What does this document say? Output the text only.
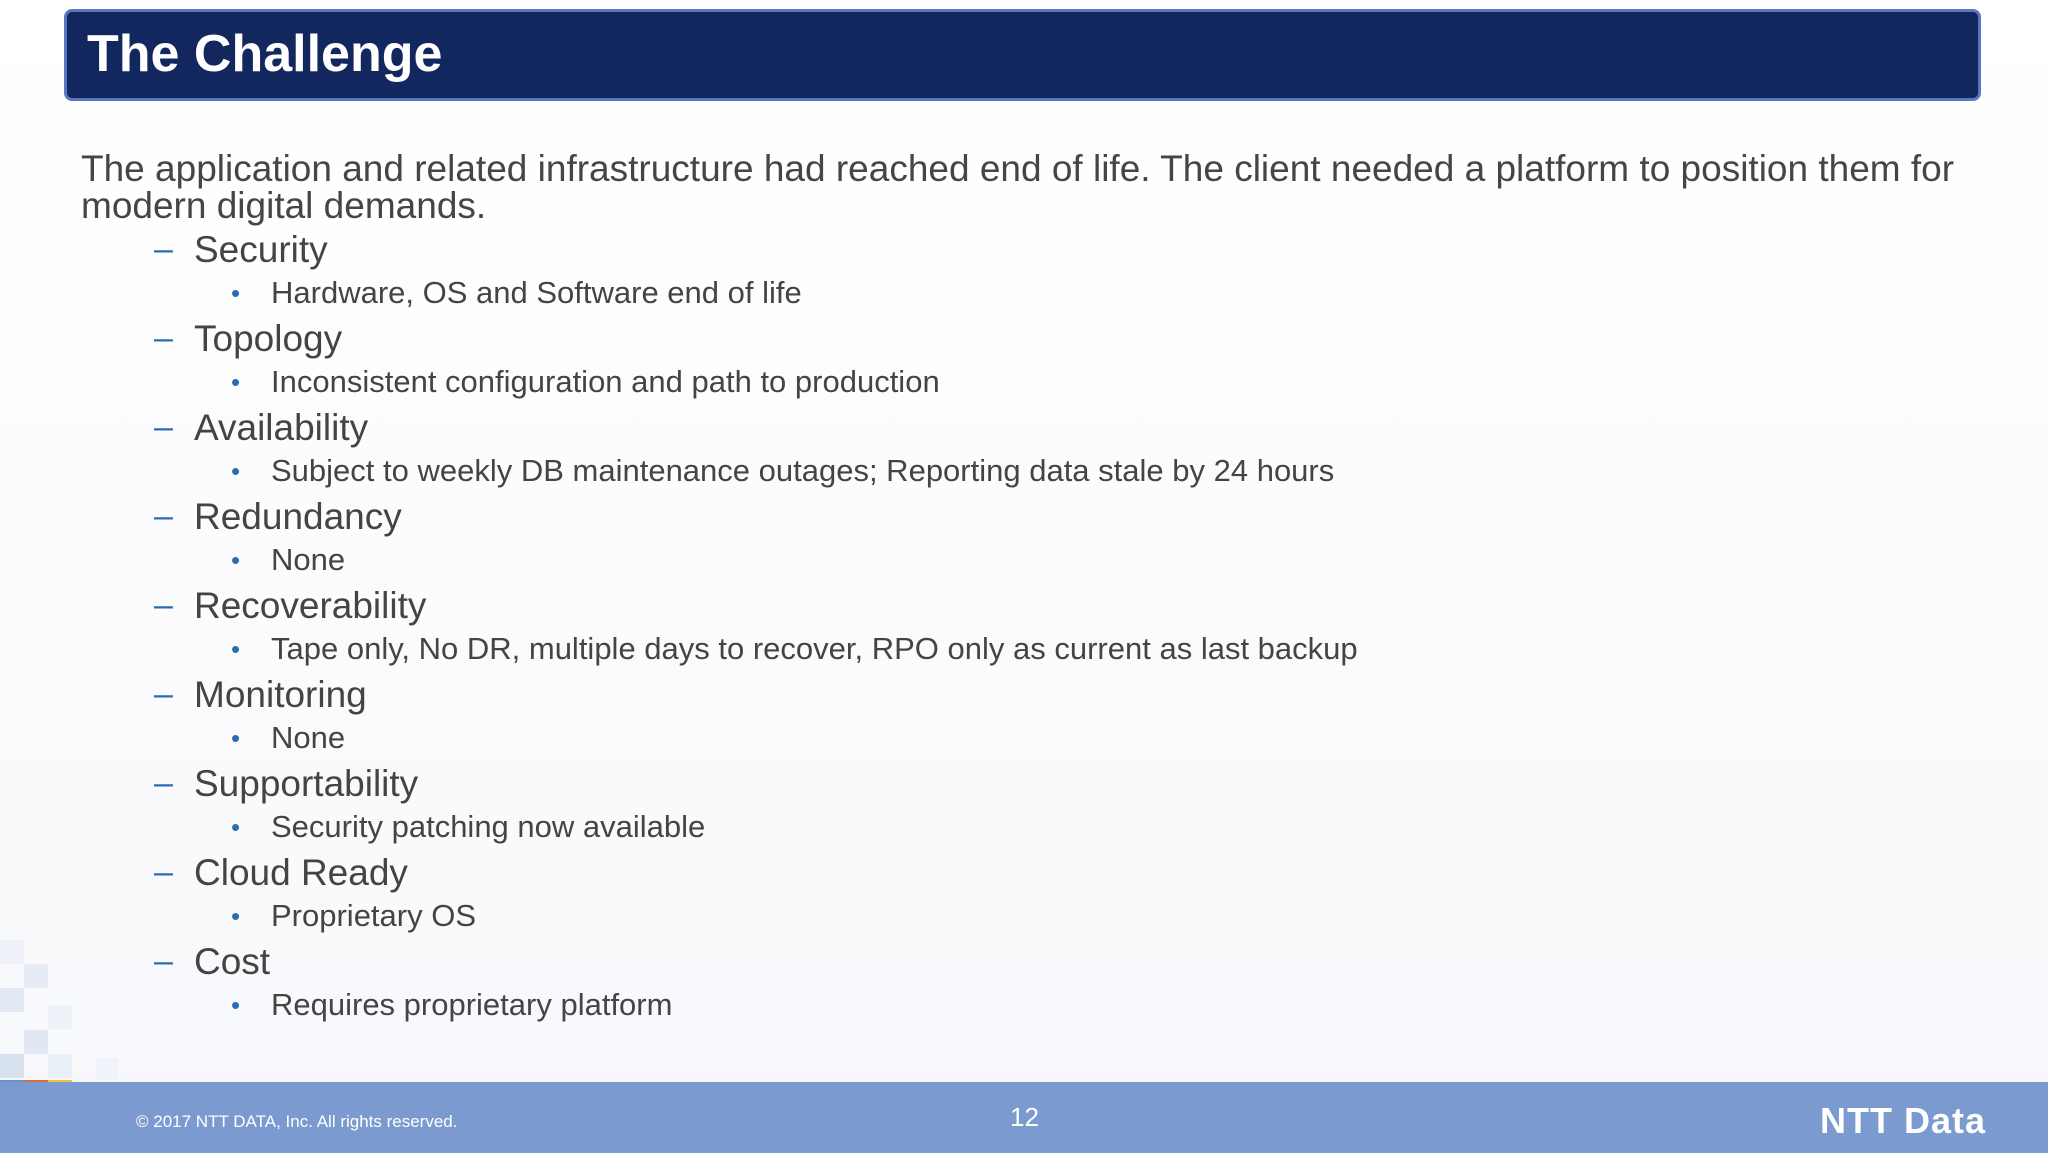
The Challenge
The application and related infrastructure had reached end of life. The client needed a platform to position them for modern digital demands.
– Security
• Hardware, OS and Software end of life
– Topology
• Inconsistent configuration and path to production
– Availability
• Subject to weekly DB maintenance outages; Reporting data stale by 24 hours
– Redundancy
• None
– Recoverability
• Tape only, No DR, multiple days to recover, RPO only as current as last backup
– Monitoring
• None
– Supportability
• Security patching now available
– Cloud Ready
• Proprietary OS
– Cost
• Requires proprietary platform
© 2017 NTT DATA, Inc. All rights reserved.	12	NTT Data
